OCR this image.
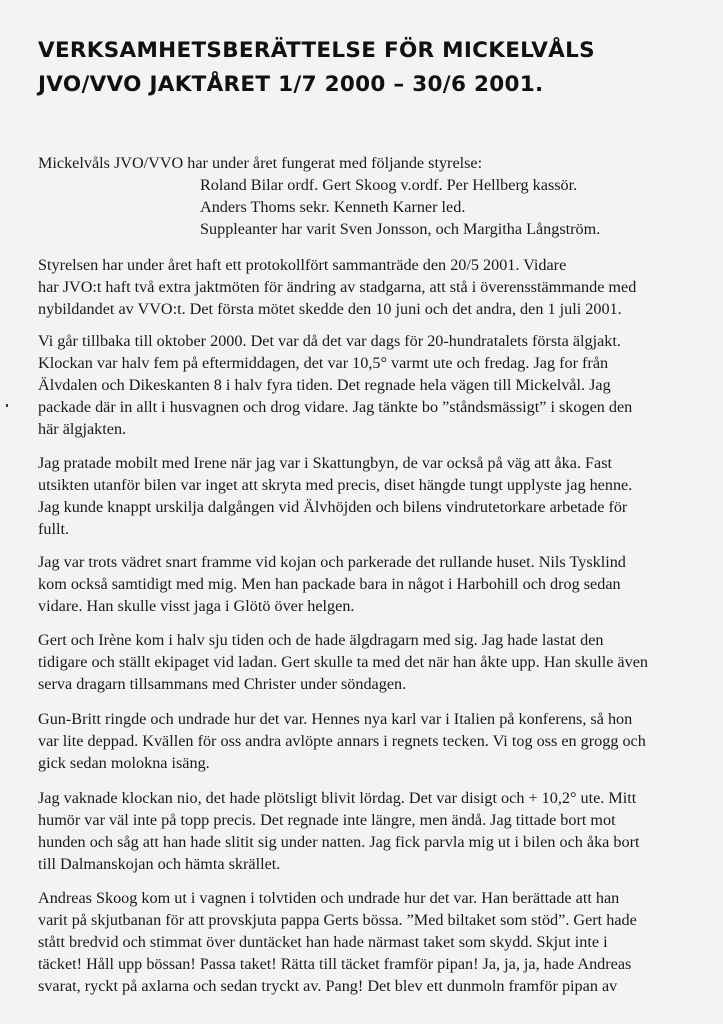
VERKSAMHETSBERÄTTELSE FÖR MICKELVÅLS
JVO/VVO JAKTÅRET 1/7 2000 – 30/6 2001.
Mickelvåls JVO/VVO har under året fungerat med följande styrelse:
Roland Bilar ordf. Gert Skoog v.ordf. Per Hellberg kassör.
Anders Thoms sekr. Kenneth Karner led.
Suppleanter har varit Sven Jonsson, och Margitha Långström.
Styrelsen har under året haft ett protokollfört sammanträde den 20/5 2001. Vidare
har JVO:t haft två extra jaktmöten för ändring av stadgarna, att stå i överensstämmande med
nybildandet av VVO:t. Det första mötet skedde den 10 juni och det andra, den 1 juli 2001.
Vi går tillbaka till oktober 2000. Det var då det var dags för 20-hundratalets första älgjakt.
Klockan var halv fem på eftermiddagen, det var 10,5° varmt ute och fredag. Jag for från
Älvdalen och Dikeskanten 8 i halv fyra tiden. Det regnade hela vägen till Mickelvål. Jag
packade där in allt i husvagnen och drog vidare. Jag tänkte bo ”ståndsmässigt” i skogen den
här älgjakten.
Jag pratade mobilt med Irene när jag var i Skattungbyn, de var också på väg att åka. Fast
utsikten utanför bilen var inget att skryta med precis, diset hängde tungt upplyste jag henne.
Jag kunde knappt urskilja dalgången vid Älvhöjden och bilens vindrutetorkare arbetade för
fullt.
Jag var trots vädret snart framme vid kojan och parkerade det rullande huset. Nils Tysklind
kom också samtidigt med mig. Men han packade bara in något i Harbohill och drog sedan
vidare. Han skulle visst jaga i Glötö över helgen.
Gert och Irène kom i halv sju tiden och de hade älgdragarn med sig. Jag hade lastat den
tidigare och ställt ekipaget vid ladan. Gert skulle ta med det när han åkte upp. Han skulle även
serva dragarn tillsammans med Christer under söndagen.
Gun-Britt ringde och undrade hur det var. Hennes nya karl var i Italien på konferens, så hon
var lite deppad. Kvällen för oss andra avlöpte annars i regnets tecken. Vi tog oss en grogg och
gick sedan molokna isäng.
Jag vaknade klockan nio, det hade plötsligt blivit lördag. Det var disigt och + 10,2° ute. Mitt
humör var väl inte på topp precis. Det regnade inte längre, men ändå. Jag tittade bort mot
hunden och såg att han hade slitit sig under natten. Jag fick parvla mig ut i bilen och åka bort
till Dalmanskojan och hämta skrället.
Andreas Skoog kom ut i vagnen i tolvtiden och undrade hur det var. Han berättade att han
varit på skjutbanan för att provskjuta pappa Gerts bössa. ”Med biltaket som stöd”. Gert hade
stått bredvid och stimmat över duntäcket han hade närmast taket som skydd. Skjut inte i
täcket! Håll upp bössan! Passa taket! Rätta till täcket framför pipan! Ja, ja, ja, hade Andreas
svarat, ryckt på axlarna och sedan tryckt av. Pang! Det blev ett dunmoln framför pipan av
